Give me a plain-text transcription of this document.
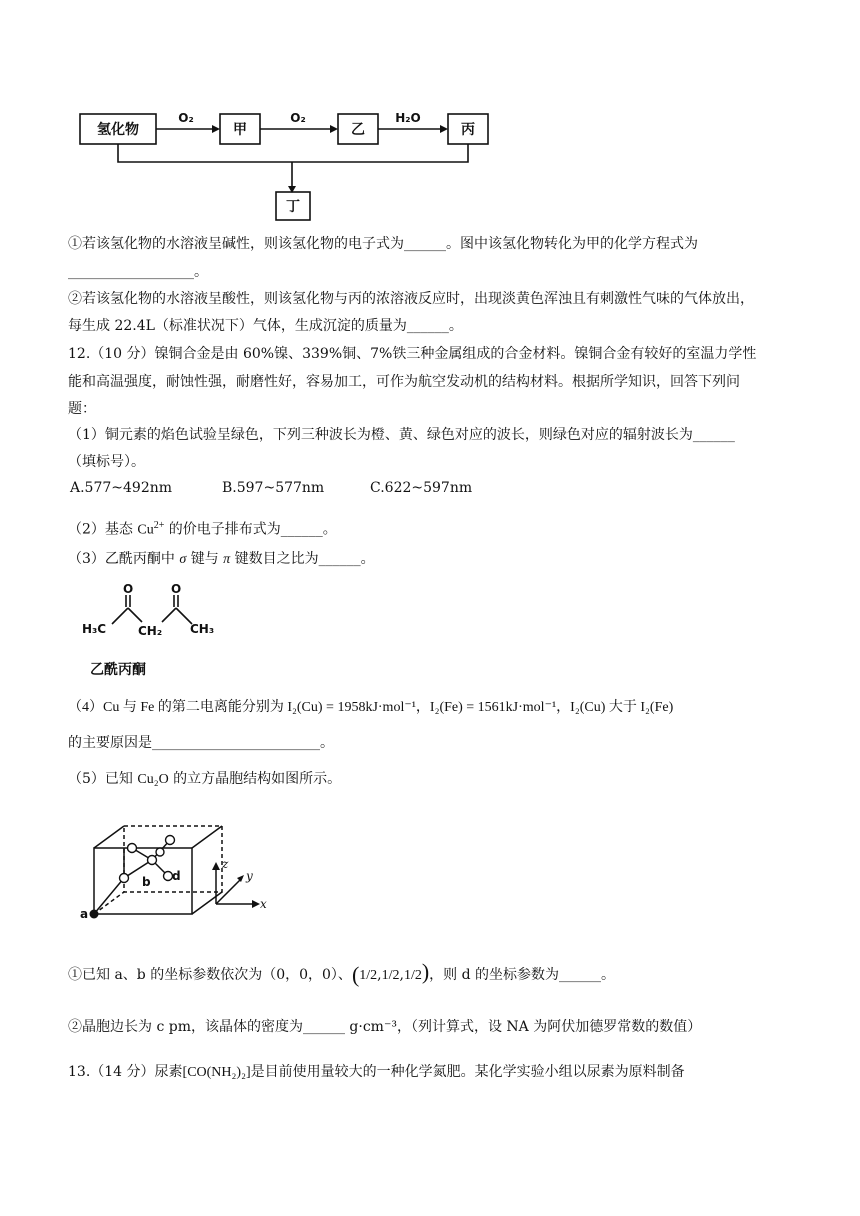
氢化物	甲	乙	丙
丁
O₂	O₂	H₂O
①若该氢化物的水溶液呈碱性，则该氢化物的电子式为______。图中该氢化物转化为甲的化学方程式为
__________________。
②若该氢化物的水溶液呈酸性，则该氢化物与丙的浓溶液反应时，出现淡黄色浑浊且有刺激性气味的气体放出，
每生成 22.4L（标准状况下）气体，生成沉淀的质量为______。
12.（10 分）镍铜合金是由 60%镍、339%铜、7%铁三种金属组成的合金材料。镍铜合金有较好的室温力学性
能和高温强度，耐蚀性强，耐磨性好，容易加工，可作为航空发动机的结构材料。根据所学知识，回答下列问
题：
（1）铜元素的焰色试验呈绿色，下列三种波长为橙、黄、绿色对应的波长，则绿色对应的辐射波长为______
（填标号）。
A.577~492nm	B.597~577nm	C.622~597nm
（2）基态 $Cu^{2+}$ 的价电子排布式为______。
（3）乙酰丙酮中 σ 键与 π 键数目之比为______。
O	O
H₃C	CH₂ CH₃
乙酰丙酮
（4）Cu 与 Fe 的第二电离能分别为 I₂(Cu) = 1958kJ·mol⁻¹，I₂(Fe) = 1561kJ·mol⁻¹，I₂(Cu) 大于 I₂(Fe)
的主要原因是________________________。
（5）已知 Cu₂O 的立方晶胞结构如图所示。
a
b d
z
y
x
①已知 a、b 的坐标参数依次为（0，0，0）、(1/2,1/2,1/2)，则 d 的坐标参数为______。
②晶胞边长为 c pm，该晶体的密度为______ g·cm⁻³，（列计算式，设 NA 为阿伏加德罗常数的数值）
13.（14 分）尿素[CO(NH₂)₂]是目前使用量较大的一种化学氮肥。某化学实验小组以尿素为原料制备
